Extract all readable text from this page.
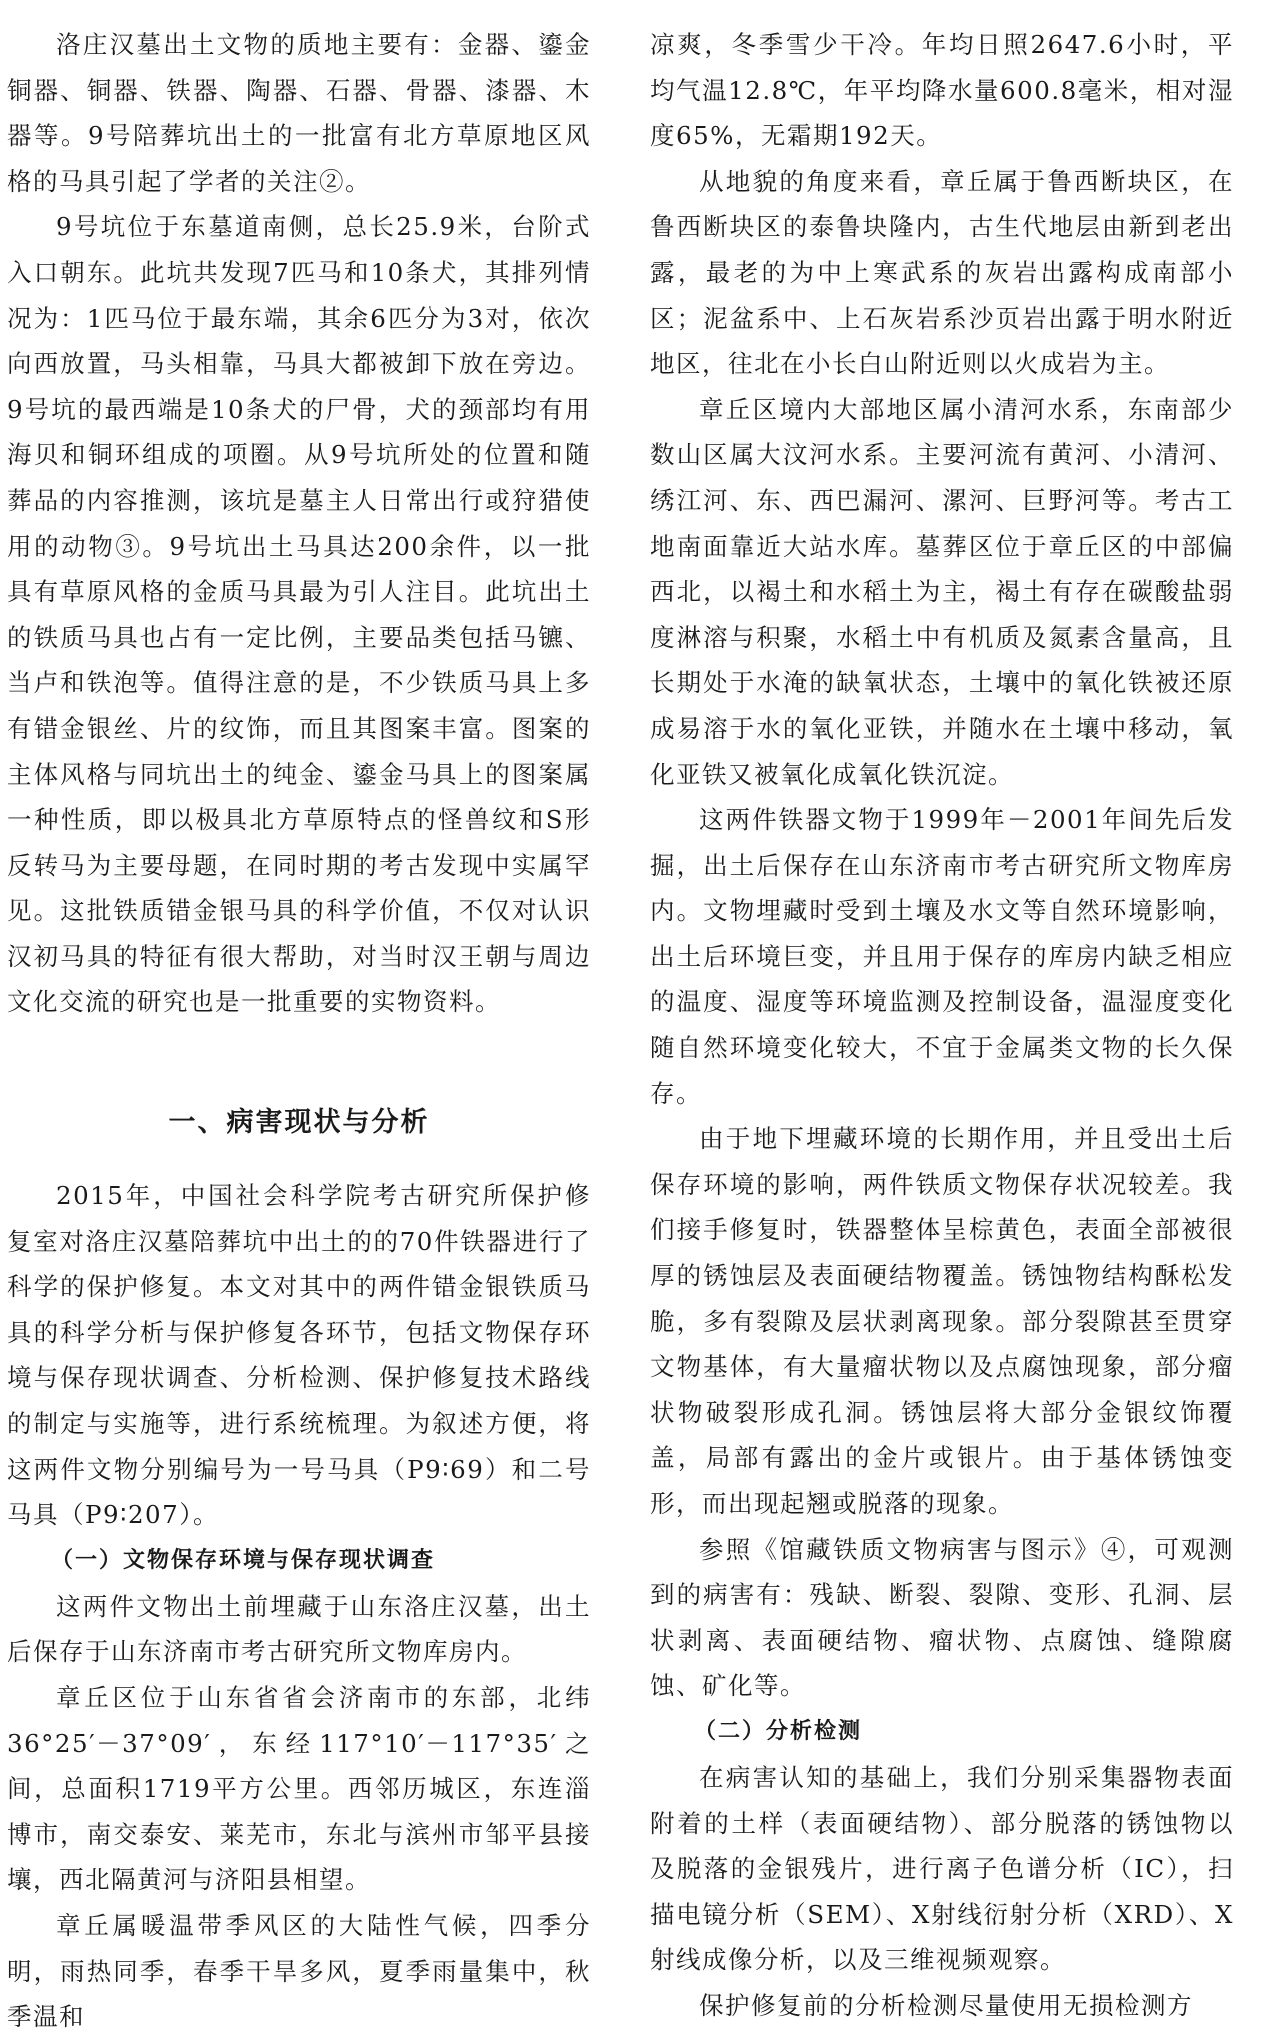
洛庄汉墓出土文物的质地主要有：金器、鎏金铜器、铜器、铁器、陶器、石器、骨器、漆器、木器等。9号陪葬坑出土的一批富有北方草原地区风格的马具引起了学者的关注②。

9号坑位于东墓道南侧，总长25.9米，台阶式入口朝东。此坑共发现7匹马和10条犬，其排列情况为：1匹马位于最东端，其余6匹分为3对，依次向西放置，马头相靠，马具大都被卸下放在旁边。9号坑的最西端是10条犬的尸骨，犬的颈部均有用海贝和铜环组成的项圈。从9号坑所处的位置和随葬品的内容推测，该坑是墓主人日常出行或狩猎使用的动物③。9号坑出土马具达200余件，以一批具有草原风格的金质马具最为引人注目。此坑出土的铁质马具也占有一定比例，主要品类包括马镳、当卢和铁泡等。值得注意的是，不少铁质马具上多有错金银丝、片的纹饰，而且其图案丰富。图案的主体风格与同坑出土的纯金、鎏金马具上的图案属一种性质，即以极具北方草原特点的怪兽纹和S形反转马为主要母题，在同时期的考古发现中实属罕见。这批铁质错金银马具的科学价值，不仅对认识汉初马具的特征有很大帮助，对当时汉王朝与周边文化交流的研究也是一批重要的实物资料。

一、病害现状与分析

2015年，中国社会科学院考古研究所保护修复室对洛庄汉墓陪葬坑中出土的的70件铁器进行了科学的保护修复。本文对其中的两件错金银铁质马具的科学分析与保护修复各环节，包括文物保存环境与保存现状调查、分析检测、保护修复技术路线的制定与实施等，进行系统梳理。为叙述方便，将这两件文物分别编号为一号马具（P9∶69）和二号马具（P9∶207）。

（一）文物保存环境与保存现状调查

这两件文物出土前埋藏于山东洛庄汉墓，出土后保存于山东济南市考古研究所文物库房内。

章丘区位于山东省省会济南市的东部，北纬36°25′－37°09′，东经117°10′－117°35′之间，总面积1719平方公里。西邻历城区，东连淄博市，南交泰安、莱芜市，东北与滨州市邹平县接壤，西北隔黄河与济阳县相望。

章丘属暖温带季风区的大陆性气候，四季分明，雨热同季，春季干旱多风，夏季雨量集中，秋季温和

凉爽，冬季雪少干冷。年均日照2647.6小时，平均气温12.8℃，年平均降水量600.8毫米，相对湿度65%，无霜期192天。

从地貌的角度来看，章丘属于鲁西断块区，在鲁西断块区的泰鲁块隆内，古生代地层由新到老出露，最老的为中上寒武系的灰岩出露构成南部小区；泥盆系中、上石灰岩系沙页岩出露于明水附近地区，往北在小长白山附近则以火成岩为主。

章丘区境内大部地区属小清河水系，东南部少数山区属大汶河水系。主要河流有黄河、小清河、绣江河、东、西巴漏河、漯河、巨野河等。考古工地南面靠近大站水库。墓葬区位于章丘区的中部偏西北，以褐土和水稻土为主，褐土有存在碳酸盐弱度淋溶与积聚，水稻土中有机质及氮素含量高，且长期处于水淹的缺氧状态，土壤中的氧化铁被还原成易溶于水的氧化亚铁，并随水在土壤中移动，氧化亚铁又被氧化成氧化铁沉淀。

这两件铁器文物于1999年－2001年间先后发掘，出土后保存在山东济南市考古研究所文物库房内。文物埋藏时受到土壤及水文等自然环境影响，出土后环境巨变，并且用于保存的库房内缺乏相应的温度、湿度等环境监测及控制设备，温湿度变化随自然环境变化较大，不宜于金属类文物的长久保存。

由于地下埋藏环境的长期作用，并且受出土后保存环境的影响，两件铁质文物保存状况较差。我们接手修复时，铁器整体呈棕黄色，表面全部被很厚的锈蚀层及表面硬结物覆盖。锈蚀物结构酥松发脆，多有裂隙及层状剥离现象。部分裂隙甚至贯穿文物基体，有大量瘤状物以及点腐蚀现象，部分瘤状物破裂形成孔洞。锈蚀层将大部分金银纹饰覆盖，局部有露出的金片或银片。由于基体锈蚀变形，而出现起翘或脱落的现象。

参照《馆藏铁质文物病害与图示》④，可观测到的病害有：残缺、断裂、裂隙、变形、孔洞、层状剥离、表面硬结物、瘤状物、点腐蚀、缝隙腐蚀、矿化等。

（二）分析检测

在病害认知的基础上，我们分别采集器物表面附着的土样（表面硬结物）、部分脱落的锈蚀物以及脱落的金银残片，进行离子色谱分析（IC），扫描电镜分析（SEM）、X射线衍射分析（XRD）、X射线成像分析，以及三维视频观察。

保护修复前的分析检测尽量使用无损检测方
